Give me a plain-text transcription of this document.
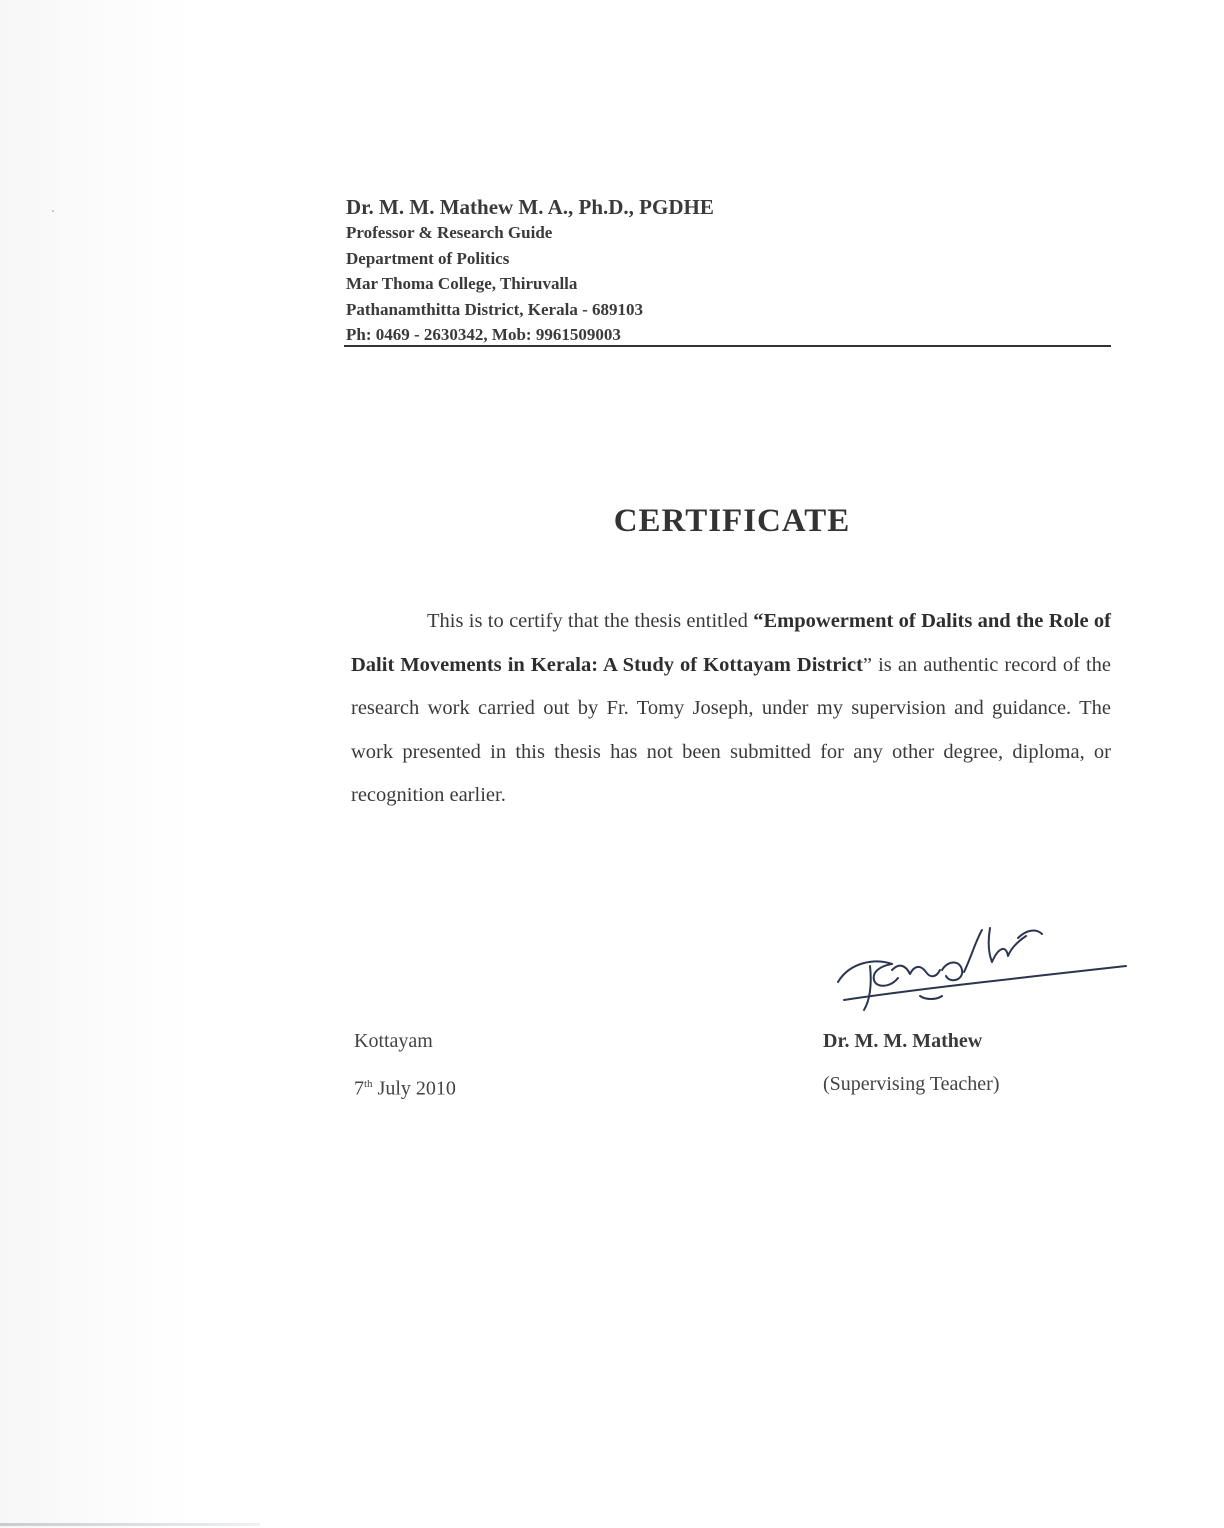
Dr. M. M. Mathew M. A., Ph.D., PGDHE
Professor & Research Guide
Department of Politics
Mar Thoma College, Thiruvalla
Pathanamthitta District, Kerala - 689103
Ph: 0469 - 2630342, Mob: 9961509003
CERTIFICATE
This is to certify that the thesis entitled “Empowerment of Dalits and the Role of Dalit Movements in Kerala: A Study of Kottayam District” is an authentic record of the research work carried out by Fr. Tomy Joseph, under my supervision and guidance. The work presented in this thesis has not been submitted for any other degree, diploma, or recognition earlier.
Kottayam
7th July 2010
Dr. M. M. Mathew
(Supervising Teacher)
